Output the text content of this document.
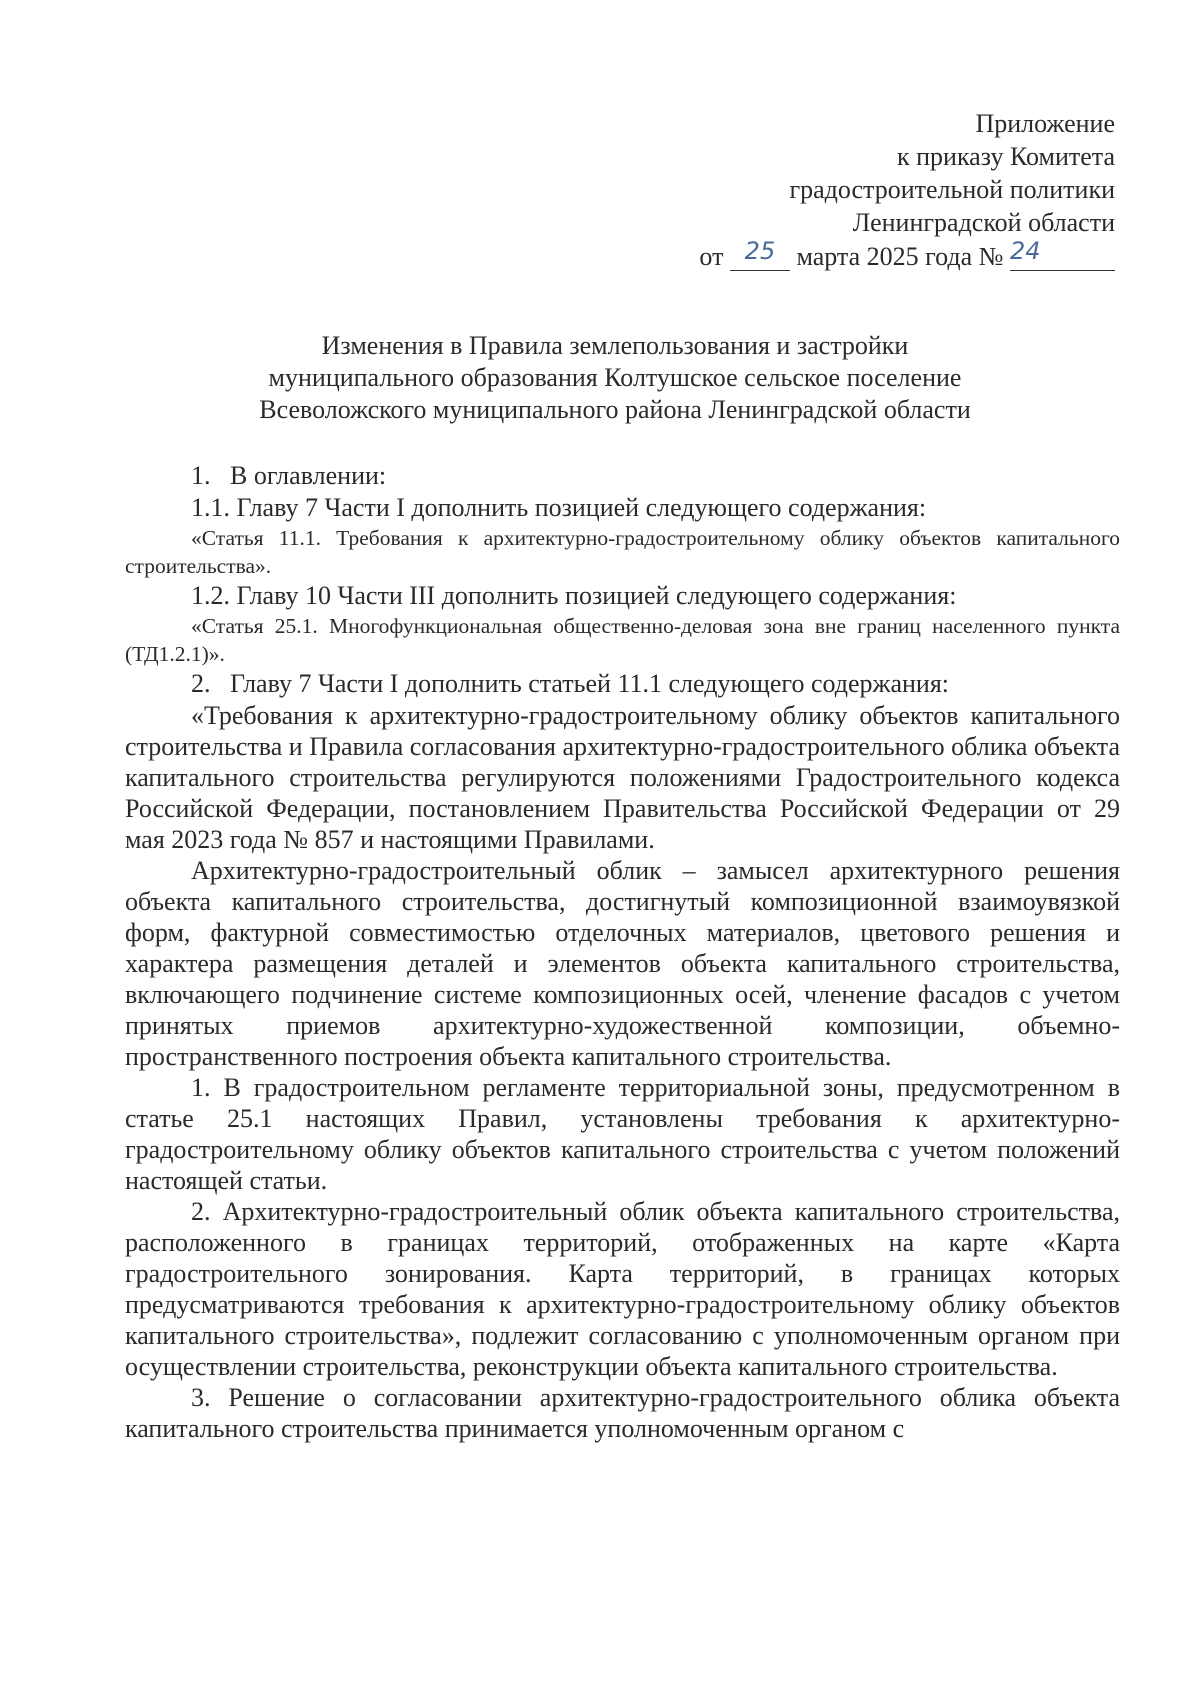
Приложение
к приказу Комитета
градостроительной политики
Ленинградской области
от 25 марта 2025 года № 24
Изменения в Правила землепользования и застройки
муниципального образования Колтушское сельское поселение
Всеволожского муниципального района Ленинградской области

1.   В оглавлении:

1.1. Главу 7 Части I дополнить позицией следующего содержания:

«Статья 11.1. Требования к архитектурно-градостроительному облику объектов капитального строительства».

1.2. Главу 10 Части III дополнить позицией следующего содержания:

«Статья 25.1. Многофункциональная общественно-деловая зона вне границ населенного пункта (ТД1.2.1)».

2.   Главу 7 Части I дополнить статьей 11.1 следующего содержания:

«Требования к архитектурно-градостроительному облику объектов капитального строительства и Правила согласования архитектурно-градостроительного облика объекта капитального строительства регулируются положениями Градостроительного кодекса Российской Федерации, постановлением Правительства Российской Федерации от 29 мая 2023 года № 857 и настоящими Правилами.

Архитектурно-градостроительный облик – замысел архитектурного решения объекта капитального строительства, достигнутый композиционной взаимоувязкой форм, фактурной совместимостью отделочных материалов, цветового решения и характера размещения деталей и элементов объекта капитального строительства, включающего подчинение системе композиционных осей, членение фасадов с учетом принятых приемов архитектурно-художественной композиции, объемно-пространственного построения объекта капитального строительства.

1. В градостроительном регламенте территориальной зоны, предусмотренном в статье 25.1 настоящих Правил, установлены требования к архитектурно-градостроительному облику объектов капитального строительства с учетом положений настоящей статьи.

2. Архитектурно-градостроительный облик объекта капитального строительства, расположенного в границах территорий, отображенных на карте «Карта градостроительного зонирования. Карта территорий, в границах которых предусматриваются требования к архитектурно-градостроительному облику объектов капитального строительства», подлежит согласованию с уполномоченным органом при осуществлении строительства, реконструкции объекта капитального строительства.

3. Решение о согласовании архитектурно-градостроительного облика объекта капитального строительства принимается уполномоченным органом с
